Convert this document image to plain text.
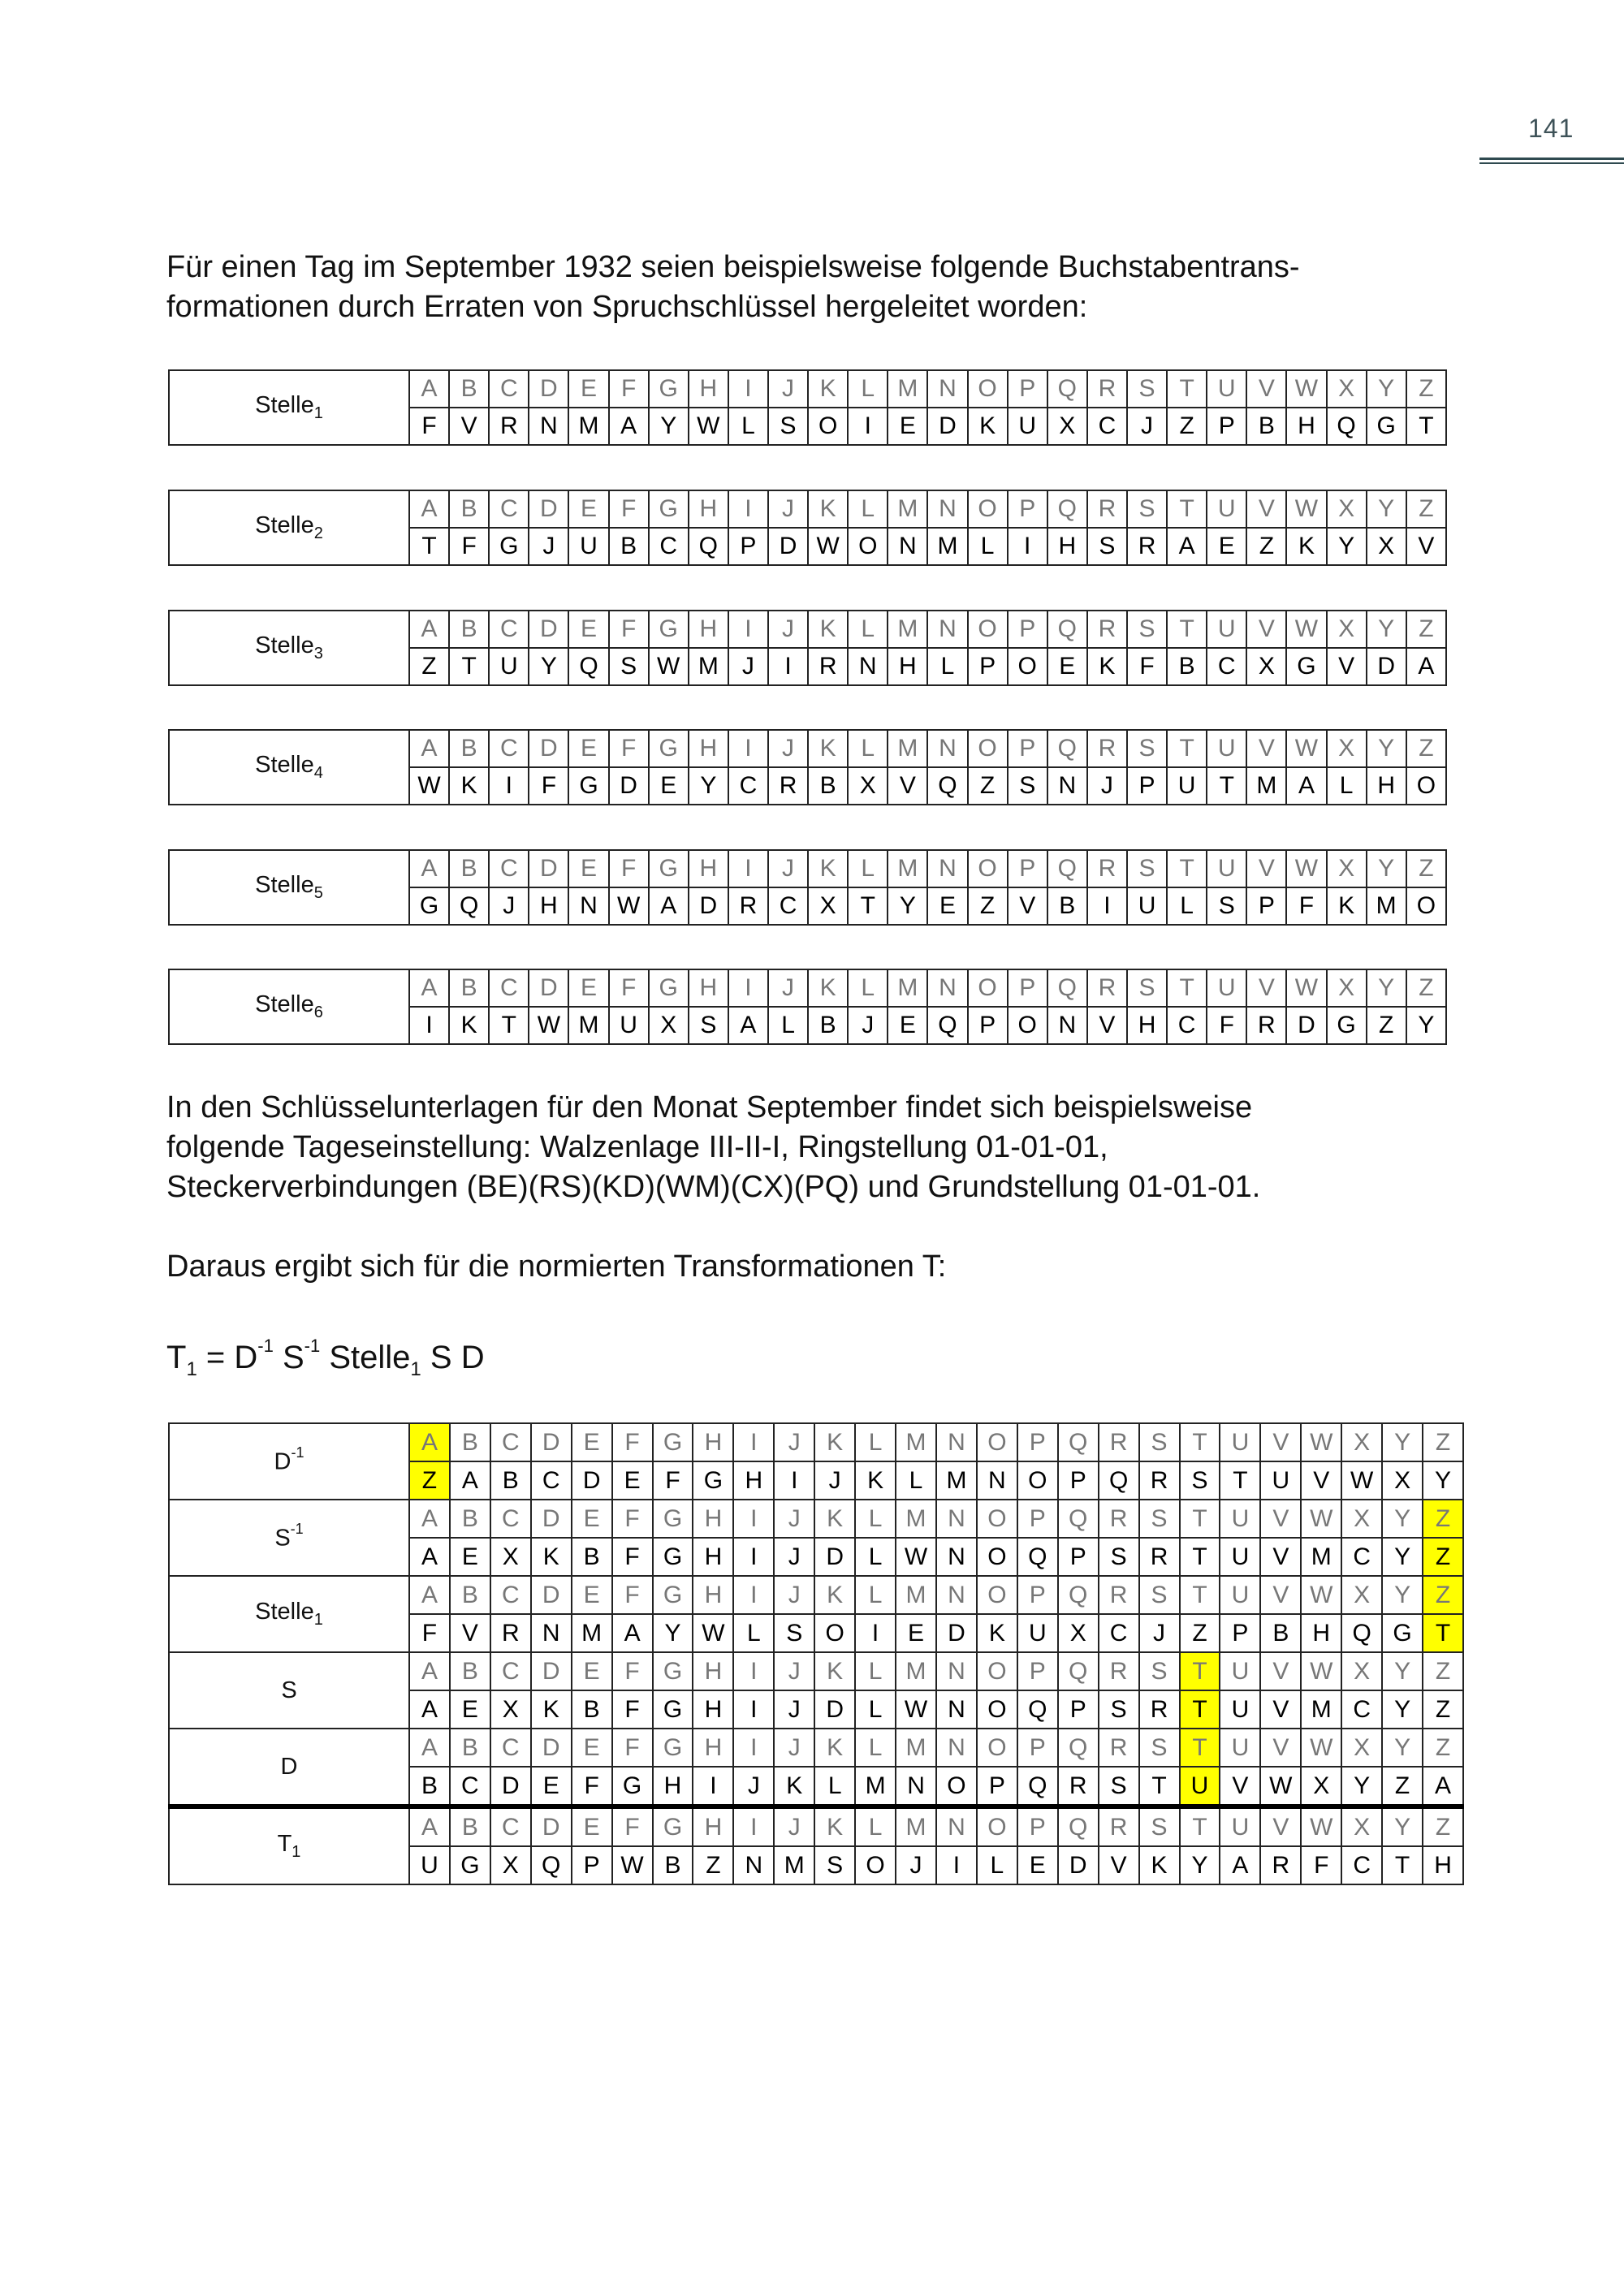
141
Für einen Tag im September 1932 seien beispielsweise folgende Buchstabentrans-
formationen durch Erraten von Spruchschlüssel hergeleitet worden:
Stelle$_1$	A	B	C	D	E	F	G	H	I	J	K	L	M	N	O	P	Q	R	S	T	U	V	W	X	Y	Z
	F	V	R	N	M	A	Y	W	L	S	O	I	E	D	K	U	X	C	J	Z	P	B	H	Q	G	T
Stelle$_2$	A	B	C	D	E	F	G	H	I	J	K	L	M	N	O	P	Q	R	S	T	U	V	W	X	Y	Z
	T	F	G	J	U	B	C	Q	P	D	W	O	N	M	L	I	H	S	R	A	E	Z	K	Y	X	V
Stelle$_3$	A	B	C	D	E	F	G	H	I	J	K	L	M	N	O	P	Q	R	S	T	U	V	W	X	Y	Z
	Z	T	U	Y	Q	S	W	M	J	I	R	N	H	L	P	O	E	K	F	B	C	X	G	V	D	A
Stelle$_4$	A	B	C	D	E	F	G	H	I	J	K	L	M	N	O	P	Q	R	S	T	U	V	W	X	Y	Z
	W	K	I	F	G	D	E	Y	C	R	B	X	V	Q	Z	S	N	J	P	U	T	M	A	L	H	O
Stelle$_5$	A	B	C	D	E	F	G	H	I	J	K	L	M	N	O	P	Q	R	S	T	U	V	W	X	Y	Z
	G	Q	J	H	N	W	A	D	R	C	X	T	Y	E	Z	V	B	I	U	L	S	P	F	K	M	O
Stelle$_6$	A	B	C	D	E	F	G	H	I	J	K	L	M	N	O	P	Q	R	S	T	U	V	W	X	Y	Z
	I	K	T	W	M	U	X	S	A	L	B	J	E	Q	P	O	N	V	H	C	F	R	D	G	Z	Y
In den Schlüsselunterlagen für den Monat September findet sich beispielsweise
folgende Tageseinstellung: Walzenlage III-II-I, Ringstellung 01-01-01,
Steckerverbindungen (BE)(RS)(KD)(WM)(CX)(PQ) und Grundstellung 01-01-01.
Daraus ergibt sich für die normierten Transformationen T:
$T_1 = D^{-1}$ $S^{-1}$ Stelle$_1$ S D
$D^{-1}$	A	B	C	D	E	F	G	H	I	J	K	L	M	N	O	P	Q	R	S	T	U	V	W	X	Y	Z
	Z	A	B	C	D	E	F	G	H	I	J	K	L	M	N	O	P	Q	R	S	T	U	V	W	X	Y
$S^{-1}$	A	B	C	D	E	F	G	H	I	J	K	L	M	N	O	P	Q	R	S	T	U	V	W	X	Y	Z
	A	E	X	K	B	F	G	H	I	J	D	L	W	N	O	Q	P	S	R	T	U	V	M	C	Y	Z
Stelle$_1$	A	B	C	D	E	F	G	H	I	J	K	L	M	N	O	P	Q	R	S	T	U	V	W	X	Y	Z
	F	V	R	N	M	A	Y	W	L	S	O	I	E	D	K	U	X	C	J	Z	P	B	H	Q	G	T
S	A	B	C	D	E	F	G	H	I	J	K	L	M	N	O	P	Q	R	S	T	U	V	W	X	Y	Z
	A	E	X	K	B	F	G	H	I	J	D	L	W	N	O	Q	P	S	R	T	U	V	M	C	Y	Z
D	A	B	C	D	E	F	G	H	I	J	K	L	M	N	O	P	Q	R	S	T	U	V	W	X	Y	Z
	B	C	D	E	F	G	H	I	J	K	L	M	N	O	P	Q	R	S	T	U	V	W	X	Y	Z	A
$T_1$	A	B	C	D	E	F	G	H	I	J	K	L	M	N	O	P	Q	R	S	T	U	V	W	X	Y	Z
	U	G	X	Q	P	W	B	Z	N	M	S	O	J	I	L	E	D	V	K	Y	A	R	F	C	T	H
